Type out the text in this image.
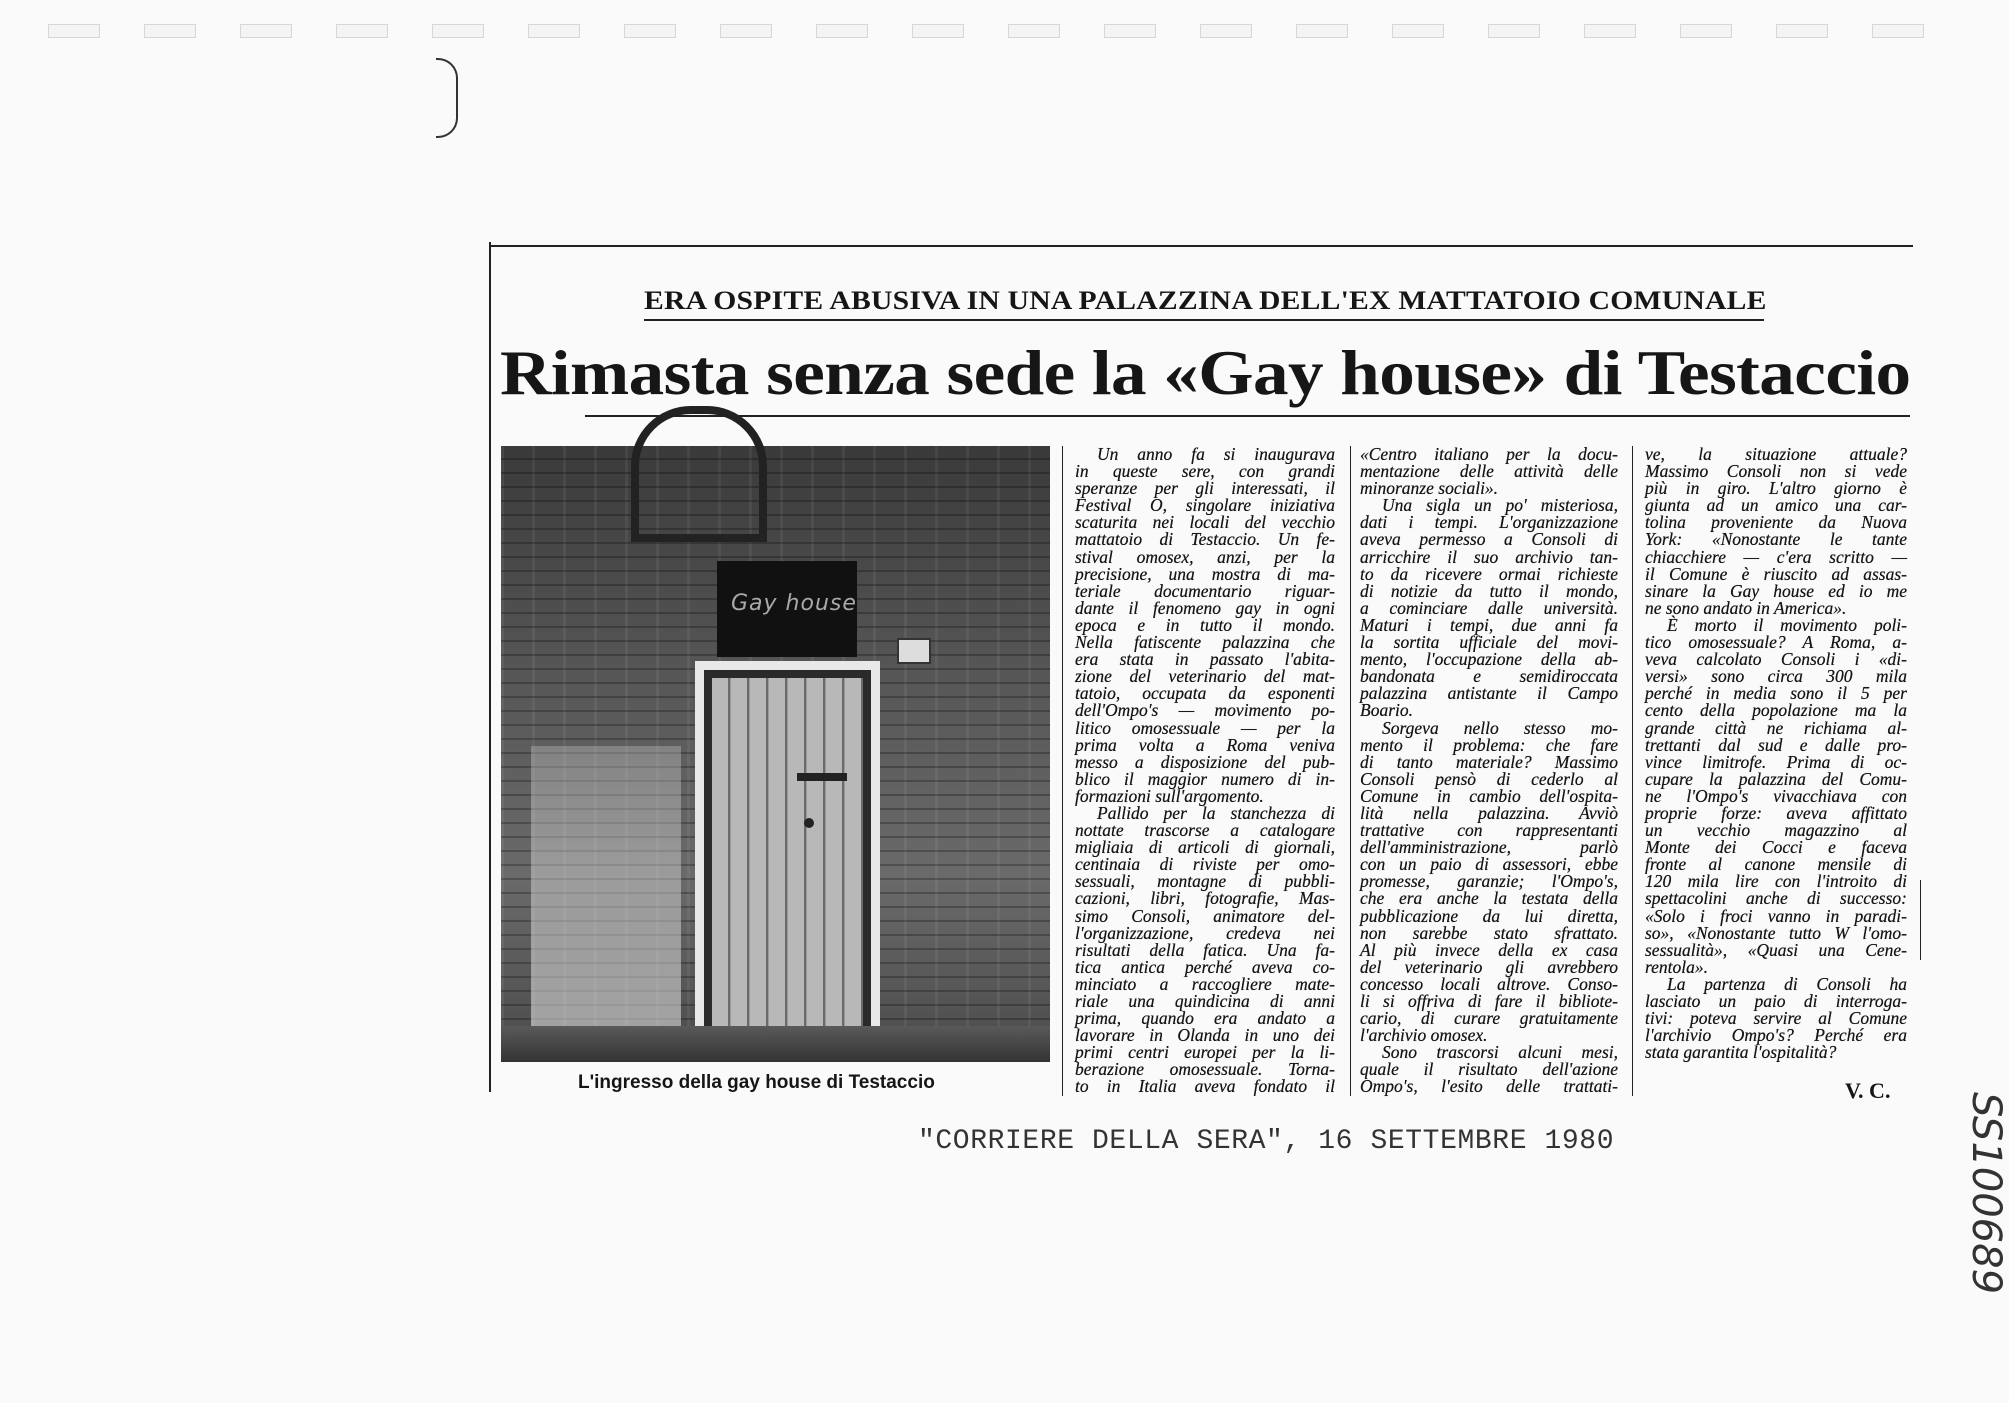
ERA OSPITE ABUSIVA IN UNA PALAZZINA DELL'EX MATTATOIO COMUNALE
Rimasta senza sede la «Gay house» di Testaccio
Gay house
L'ingresso della gay house di Testaccio
Un anno fa si inaugurava
in queste sere, con grandi
speranze per gli interessati, il
Festival O, singolare iniziativa
scaturita nei locali del vecchio
mattatoio di Testaccio. Un fe-
stival omosex, anzi, per la
precisione, una mostra di ma-
teriale documentario riguar-
dante il fenomeno gay in ogni
epoca e in tutto il mondo.
Nella fatiscente palazzina che
era stata in passato l'abita-
zione del veterinario del mat-
tatoio, occupata da esponenti
dell'Ompo's — movimento po-
litico omosessuale — per la
prima volta a Roma veniva
messo a disposizione del pub-
blico il maggior numero di in-
formazioni sull'argomento.
Pallido per la stanchezza di
nottate trascorse a catalogare
migliaia di articoli di giornali,
centinaia di riviste per omo-
sessuali, montagne di pubbli-
cazioni, libri, fotografie, Mas-
simo Consoli, animatore del-
l'organizzazione, credeva nei
risultati della fatica. Una fa-
tica antica perché aveva co-
minciato a raccogliere mate-
riale una quindicina di anni
prima, quando era andato a
lavorare in Olanda in uno dei
primi centri europei per la li-
berazione omosessuale. Torna-
to in Italia aveva fondato il
«Centro italiano per la docu-
mentazione delle attività delle
minoranze sociali».
Una sigla un po' misteriosa,
dati i tempi. L'organizzazione
aveva permesso a Consoli di
arricchire il suo archivio tan-
to da ricevere ormai richieste
di notizie da tutto il mondo,
a cominciare dalle università.
Maturi i tempi, due anni fa
la sortita ufficiale del movi-
mento, l'occupazione della ab-
bandonata e semidiroccata
palazzina antistante il Campo
Boario.
Sorgeva nello stesso mo-
mento il problema: che fare
di tanto materiale? Massimo
Consoli pensò di cederlo al
Comune in cambio dell'ospita-
lità nella palazzina. Avviò
trattative con rappresentanti
dell'amministrazione, parlò
con un paio di assessori, ebbe
promesse, garanzie; l'Ompo's,
che era anche la testata della
pubblicazione da lui diretta,
non sarebbe stato sfrattato.
Al più invece della ex casa
del veterinario gli avrebbero
concesso locali altrove. Conso-
li si offriva di fare il bibliote-
cario, di curare gratuitamente
l'archivio omosex.
Sono trascorsi alcuni mesi,
quale il risultato dell'azione
Ompo's, l'esito delle trattati-
ve, la situazione attuale?
Massimo Consoli non si vede
più in giro. L'altro giorno è
giunta ad un amico una car-
tolina proveniente da Nuova
York: «Nonostante le tante
chiacchiere — c'era scritto —
il Comune è riuscito ad assas-
sinare la Gay house ed io me
ne sono andato in America».
È morto il movimento poli-
tico omosessuale? A Roma, a-
veva calcolato Consoli i «di-
versi» sono circa 300 mila
perché in media sono il 5 per
cento della popolazione ma la
grande città ne richiama al-
trettanti dal sud e dalle pro-
vince limitrofe. Prima di oc-
cupare la palazzina del Comu-
ne l'Ompo's vivacchiava con
proprie forze: aveva affittato
un vecchio magazzino al
Monte dei Cocci e faceva
fronte al canone mensile di
120 mila lire con l'introito di
spettacolini anche di successo:
«Solo i froci vanno in paradi-
so», «Nonostante tutto W l'omo-
sessualità», «Quasi una Cene-
rentola».
La partenza di Consoli ha
lasciato un paio di interroga-
tivi: poteva servire al Comune
l'archivio Ompo's? Perché era
stata garantita l'ospitalità?
V. C.
"CORRIERE DELLA SERA", 16 SETTEMBRE 1980	SS100689
